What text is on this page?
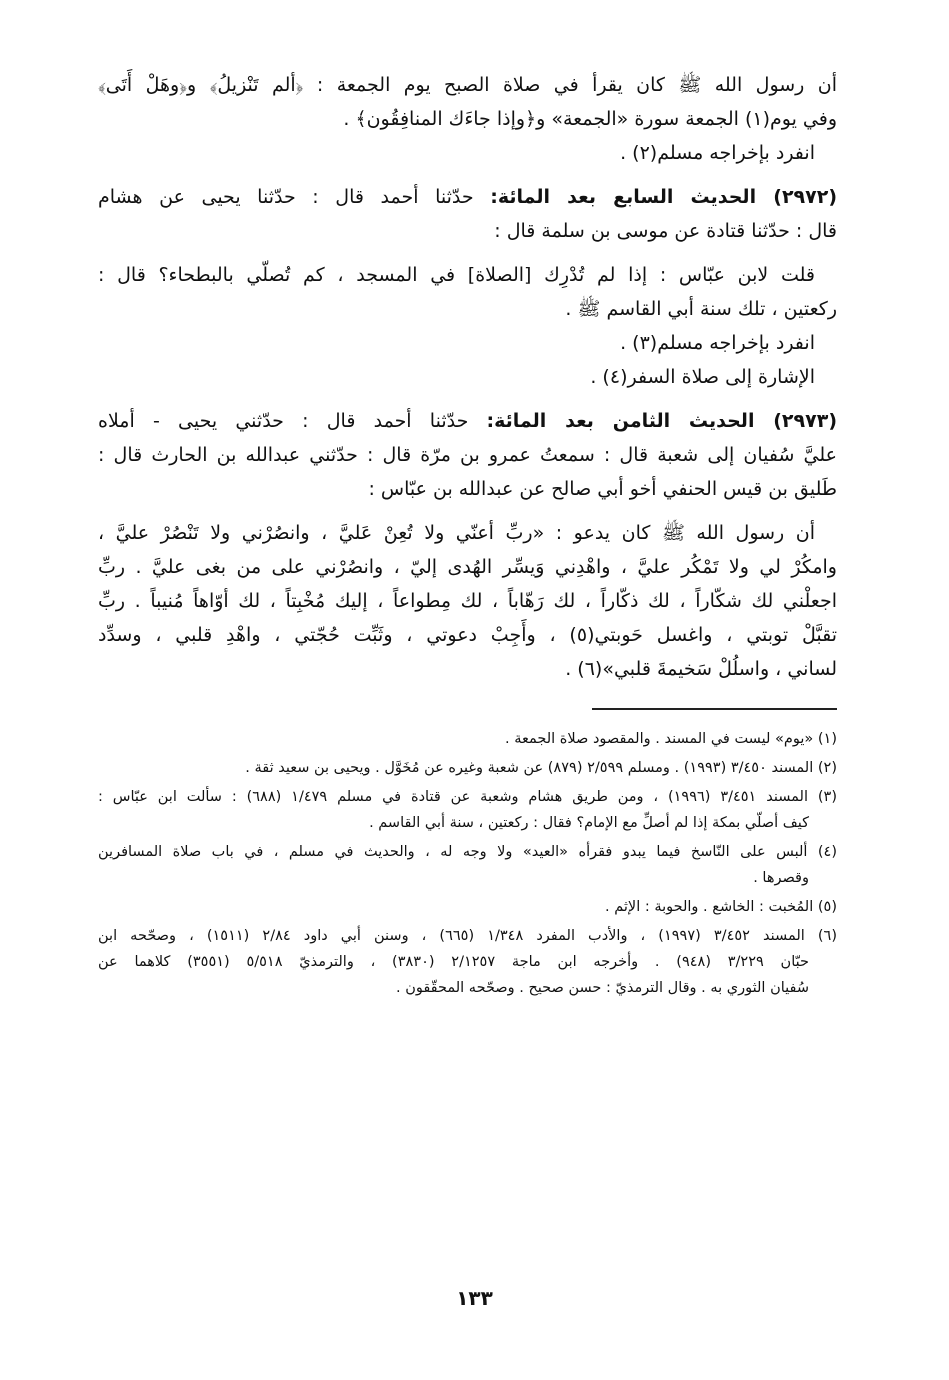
أن رسول الله ﷺ كان يقرأ في صلاة الصبح يوم الجمعة : ﴿ألم تَنْزيلُ﴾ و﴿وهَلْ أَتَى﴾
وفي يوم(١) الجمعة سورة «الجمعة» و﴿وإذا جاءَك المنافِقُون﴾ .
انفرد بإخراجه مسلم(٢) .
(٢٩٧٢) الحديث السابع بعد المائة: حدّثنا أحمد قال : حدّثنا يحيى عن هشام
قال : حدّثنا قتادة عن موسى بن سلمة قال :
قلت لابن عبّاس : إذا لم تُدْرِك [الصلاة] في المسجد ، كم تُصلّي بالبطحاء؟ قال :
ركعتين ، تلك سنة أبي القاسم ﷺ .
انفرد بإخراجه مسلم(٣) .
الإشارة إلى صلاة السفر(٤) .
(٢٩٧٣) الحديث الثامن بعد المائة: حدّثنا أحمد قال : حدّثني يحيى - أملاه
عليَّ سُفيان إلى شعبة قال : سمعتُ عمرو بن مرّة قال : حدّثني عبدالله بن الحارث قال :
طَليق بن قيس الحنفي أخو أبي صالح عن عبدالله بن عبّاس :
أن رسول الله ﷺ كان يدعو : «ربِّ أعنّي ولا تُعِنْ عَليَّ ، وانصُرْني ولا تَنْصُرْ عليَّ ،
وامكُرْ لي ولا تَمْكُر عليَّ ، واهْدِني وَيسِّر الهُدى إليّ ، وانصُرْني على من بغى عليَّ . ربِّ
اجعلْني لك شكّاراً ، لك ذكّاراً ، لك رَهّاباً ، لك مِطواعاً ، إليك مُخْبِتاً ، لك أوّاهاً مُنيباً . ربِّ
تقبَّلْ توبتي ، واغسل حَوبتي(٥) ، وأَجِبْ دعوتي ، وثَبِّت حُجّتي ، واهْدِ قلبي ، وسدِّد
لساني ، واسلُلْ سَخيمةَ قلبي»(٦) .
(١) «يوم» ليست في المسند . والمقصود صلاة الجمعة .
(٢) المسند ٣/٤٥٠ (١٩٩٣) . ومسلم ٢/٥٩٩ (٨٧٩) عن شعبة وغيره عن مُخَوَّل . ويحيى بن سعيد ثقة .
(٣) المسند ٣/٤٥١ (١٩٩٦) ، ومن طريق هشام وشعبة عن قتادة في مسلم ١/٤٧٩ (٦٨٨) : سألت ابن عبّاس :
كيف أصلّي بمكة إذا لم أصلِّ مع الإمام؟ فقال : ركعتين ، سنة أبي القاسم .
(٤) ألبس على النّاسخ فيما يبدو فقرأه «العيد» ولا وجه له ، والحديث في مسلم ، في باب صلاة المسافرين
وقصرها .
(٥) المُخبت : الخاشع . والحوبة : الإثم .
(٦) المسند ٣/٤٥٢ (١٩٩٧) ، والأدب المفرد ١/٣٤٨ (٦٦٥) ، وسنن أبي داود ٢/٨٤ (١٥١١) ، وصحّحه ابن
حبّان ٣/٢٢٩ (٩٤٨) . وأخرجه ابن ماجة ٢/١٢٥٧ (٣٨٣٠) ، والترمذيّ ٥/٥١٨ (٣٥٥١) كلاهما عن
سُفيان الثوري به . وقال الترمذيّ : حسن صحيح . وصحّحه المحقّقون .
١٣٣
